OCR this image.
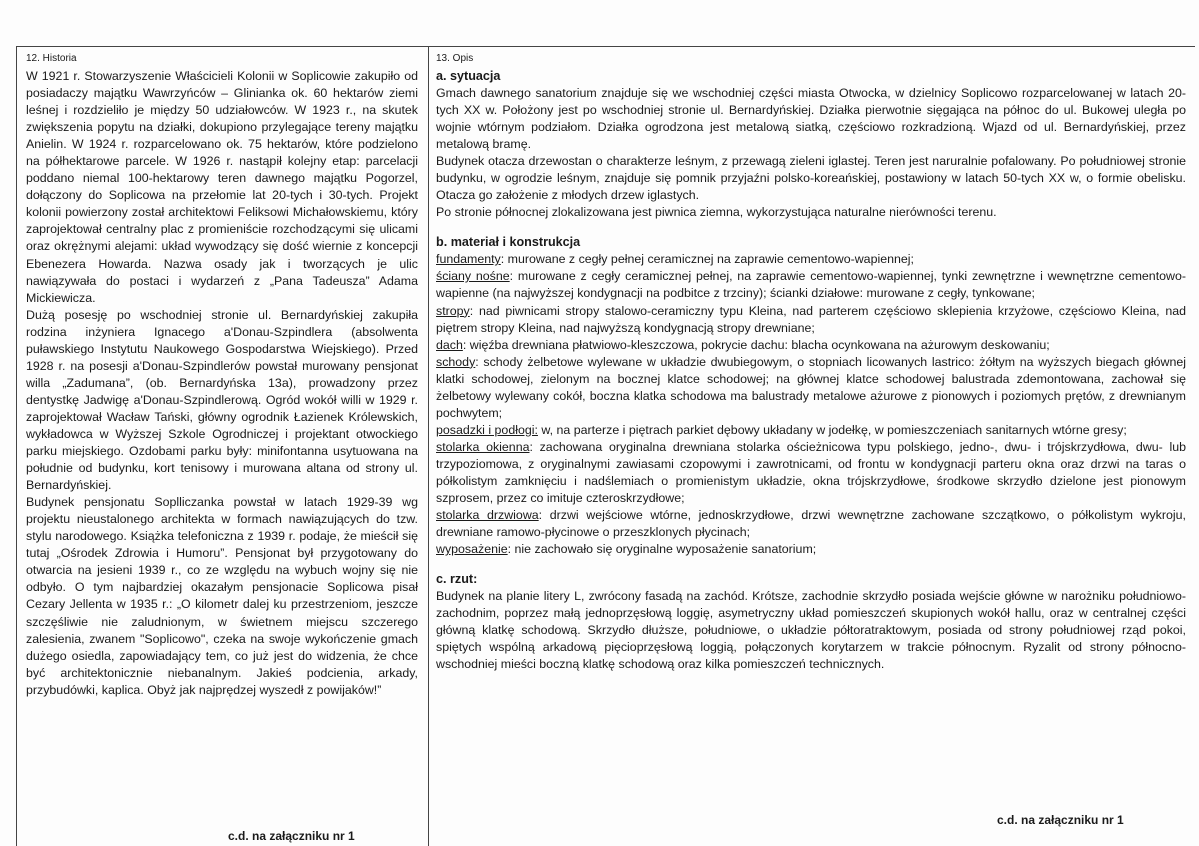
12. Historia

W 1921 r. Stowarzyszenie Właścicieli Kolonii w Soplicowie zakupiło od posiadaczy majątku Wawrzyńców – Glinianka ok. 60 hektarów ziemi leśnej i rozdzieliło je między 50 udziałowców. W 1923 r., na skutek zwiększenia popytu na działki, dokupiono przylegające tereny majątku Anielin. W 1924 r. rozparcelowano ok. 75 hektarów, które podzielono na półhektarowe parcele. W 1926 r. nastąpił kolejny etap: parcelacji poddano niemal 100-hektarowy teren dawnego majątku Pogorzel, dołączony do Soplicowa na przełomie lat 20-tych i 30-tych. Projekt kolonii powierzony został architektowi Feliksowi Michałowskiemu, który zaprojektował centralny plac z promieniście rozchodzącymi się ulicami oraz okrężnymi alejami: układ wywodzący się dość wiernie z koncepcji Ebenezera Howarda. Nazwa osady jak i tworzących je ulic nawiązywała do postaci i wydarzeń z „Pana Tadeusza” Adama Mickiewicza.

Dużą posesję po wschodniej stronie ul. Bernardyńskiej zakupiła rodzina inżyniera Ignacego a'Donau-Szpindlera (absolwenta puławskiego Instytutu Naukowego Gospodarstwa Wiejskiego). Przed 1928 r. na posesji a'Donau-Szpindlerów powstał murowany pensjonat willa „Zadumana”, (ob. Bernardyńska 13a), prowadzony przez dentystkę Jadwigę a'Donau-Szpindlerową. Ogród wokół willi w 1929 r. zaprojektował Wacław Tański, główny ogrodnik Łazienek Królewskich, wykładowca w Wyższej Szkole Ogrodniczej i projektant otwockiego parku miejskiego. Ozdobami parku były: minifontanna usytuowana na południe od budynku, kort tenisowy i murowana altana od strony ul. Bernardyńskiej.

Budynek pensjonatu Soplliczanka powstał w latach 1929-39 wg projektu nieustalonego architekta w formach nawiązujących do tzw. stylu narodowego. Książka telefoniczna z 1939 r. podaje, że mieścił się tutaj „Ośrodek Zdrowia i Humoru”. Pensjonat był przygotowany do otwarcia na jesieni 1939 r., co ze względu na wybuch wojny się nie odbyło. O tym najbardziej okazałym pensjonacie Soplicowa pisał Cezary Jellenta w 1935 r.: „O kilometr dalej ku przestrzeniom, jeszcze szczęśliwie nie zaludnionym, w świetnem miejscu szczerego zalesienia, zwanem "Soplicowo", czeka na swoje wykończenie gmach dużego osiedla, zapowiadający tem, co już jest do widzenia, że chce być architektonicznie niebanalnym. Jakieś podcienia, arkady, przybudówki, kaplica. Obyż jak najprędzej wyszedł z powijaków!”

c.d. na załączniku nr 1
13. Opis
a. sytuacja

Gmach dawnego sanatorium znajduje się we wschodniej części miasta Otwocka, w dzielnicy Soplicowo rozparcelowanej w latach 20-tych XX w. Położony jest po wschodniej stronie ul. Bernardyńskiej. Działka pierwotnie sięgająca na północ do ul. Bukowej uległa po wojnie wtórnym podziałom. Działka ogrodzona jest metalową siatką, częściowo rozkradzioną. Wjazd od ul. Bernardyńskiej, przez metalową bramę.

Budynek otacza drzewostan o charakterze leśnym, z przewagą zieleni iglastej. Teren jest naruralnie pofalowany. Po południowej stronie budynku, w ogrodzie leśnym, znajduje się pomnik przyjaźni polsko-koreańskiej, postawiony w latach 50-tych XX w, o formie obelisku. Otacza go założenie z młodych drzew iglastych.

Po stronie północnej zlokalizowana jest piwnica ziemna, wykorzystująca naturalne nierówności terenu.

b. materiał i konstrukcja

fundamenty: murowane z cegły pełnej ceramicznej na zaprawie cementowo-wapiennej;

ściany nośne: murowane z cegły ceramicznej pełnej, na zaprawie cementowo-wapiennej, tynki zewnętrzne i wewnętrzne cementowo-wapienne (na najwyższej kondygnacji na podbitce z trzciny); ścianki działowe: murowane z cegły, tynkowane;

stropy: nad piwnicami stropy stalowo-ceramiczny typu Kleina, nad parterem częściowo sklepienia krzyżowe, częściowo Kleina, nad piętrem stropy Kleina, nad najwyższą kondygnacją stropy drewniane;

dach: więźba drewniana płatwiowo-kleszczowa, pokrycie dachu: blacha ocynkowana na ażurowym deskowaniu;

schody: schody żelbetowe wylewane w układzie dwubiegowym, o stopniach licowanych lastrico: żółtym na wyższych biegach głównej klatki schodowej, zielonym na bocznej klatce schodowej; na głównej klatce schodowej balustrada zdemontowana, zachował się żelbetowy wylewany cokół, boczna klatka schodowa ma balustrady metalowe ażurowe z pionowych i poziomych prętów, z drewnianym pochwytem;

posadzki i podłogi: w, na parterze i piętrach parkiet dębowy układany w jodełkę, w pomieszczeniach sanitarnych wtórne gresy;

stolarka okienna: zachowana oryginalna drewniana stolarka ościeżnicowa typu polskiego, jedno-, dwu- i trójskrzydłowa, dwu- lub trzypoziomowa, z oryginalnymi zawiasami czopowymi i zawrotnicami, od frontu w kondygnacji parteru okna oraz drzwi na taras o półkolistym zamknięciu i nadślemiach o promienistym układzie, okna trójskrzydłowe, środkowe skrzydło dzielone jest pionowym szprosem, przez co imituje czteroskrzydłowe;

stolarka drzwiowa: drzwi wejściowe wtórne, jednoskrzydłowe, drzwi wewnętrzne zachowane szczątkowo, o półkolistym wykroju, drewniane ramowo-płycinowe o przeszklonych płycinach;

wyposażenie: nie zachowało się oryginalne wyposażenie sanatorium;

c. rzut:

Budynek na planie litery L, zwrócony fasadą na zachód. Krótsze, zachodnie skrzydło posiada wejście główne w narożniku południowo-zachodnim, poprzez małą jednoprzęsłową loggię, asymetryczny układ pomieszczeń skupionych wokół hallu, oraz w centralnej części główną klatkę schodową. Skrzydło dłuższe, południowe, o układzie półtoratraktowym, posiada od strony południowej rząd pokoi, spiętych wspólną arkadową pięcioprzęsłową loggią, połączonych korytarzem w trakcie północnym. Ryzalit od strony północno-wschodniej mieści boczną klatkę schodową oraz kilka pomieszczeń technicznych.

c.d. na załączniku nr 1
